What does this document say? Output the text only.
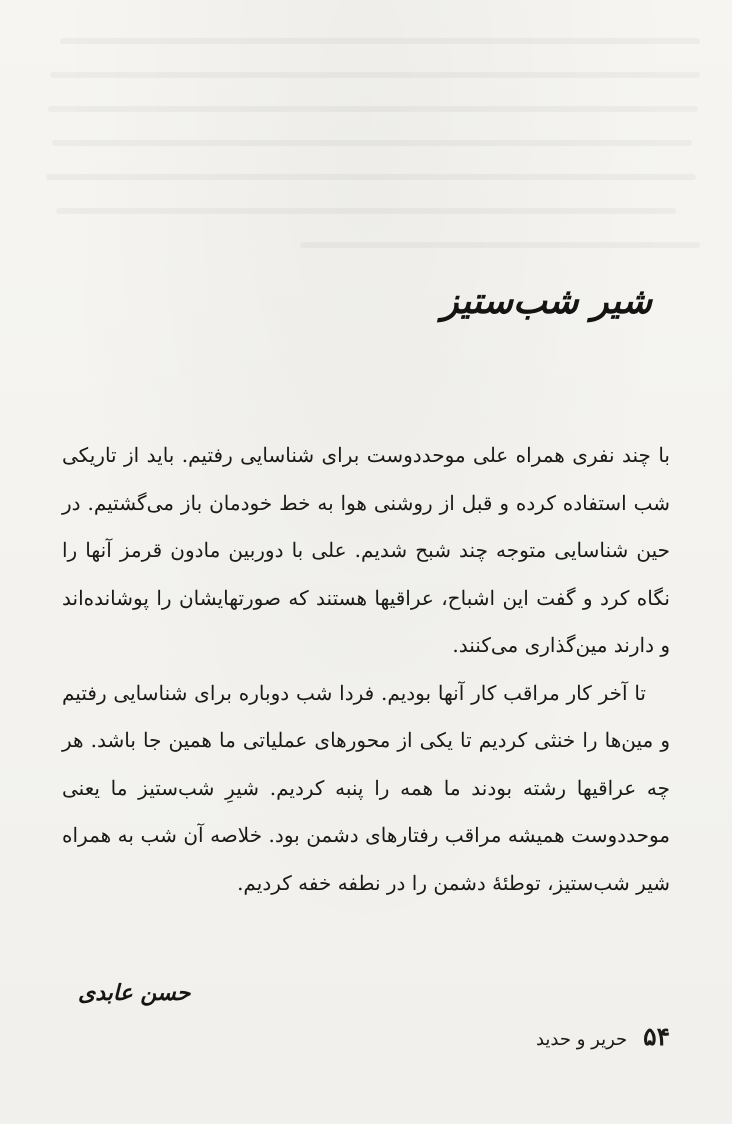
شیر شب‌ستیز

با چند نفری همراه علی موحددوست برای شناسایی رفتیم. باید از تاریکی شب استفاده کرده و قبل از روشنی هوا به خط خودمان باز می‌گشتیم. در حین شناسایی متوجه چند شبح شدیم. علی با دوربین مادون قرمز آنها را نگاه کرد و گفت این اشباح، عراقیها هستند که صورتهایشان را پوشانده‌اند و دارند مین‌گذاری می‌کنند.

تا آخر کار مراقب کار آنها بودیم. فردا شب دوباره برای شناسایی رفتیم و مین‌ها را خنثی کردیم تا یکی از محورهای عملیاتی ما همین جا باشد. هر چه عراقیها رشته بودند ما همه را پنبه کردیم. شیرِ شب‌ستیز ما یعنی موحددوست همیشه مراقب رفتارهای دشمن بود. خلاصه آن شب به همراه شیر شب‌ستیز، توطئهٔ دشمن را در نطفه خفه کردیم.

حسن عابدی
۵۴
حریر و حدید
